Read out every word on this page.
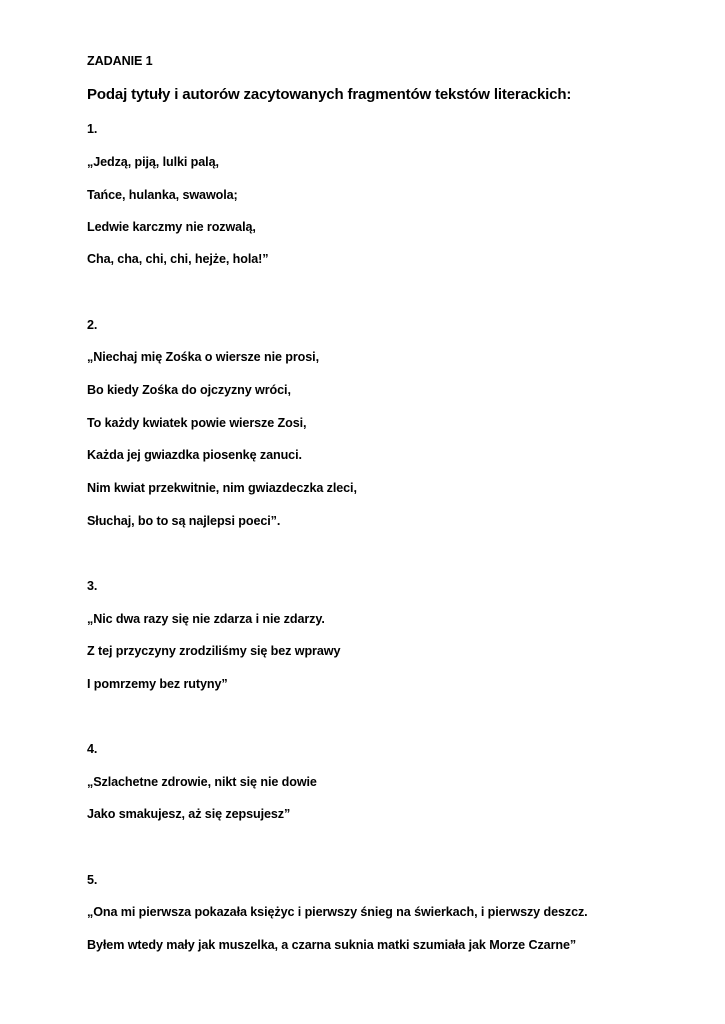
ZADANIE 1
Podaj tytuły i autorów zacytowanych fragmentów tekstów literackich:
1.
„Jedzą, piją, lulki palą,
Tańce, hulanka, swawola;
Ledwie karczmy nie rozwalą,
Cha, cha, chi, chi, hejże, hola!”
2.
„Niechaj mię Zośka o wiersze nie prosi,
Bo kiedy Zośka do ojczyzny wróci,
To każdy kwiatek powie wiersze Zosi,
Każda jej gwiazdka piosenkę zanuci.
Nim kwiat przekwitnie, nim gwiazdeczka zleci,
Słuchaj, bo to są najlepsi poeci”.
3.
„Nic dwa razy się nie zdarza i nie zdarzy.
Z tej przyczyny zrodziliśmy się bez wprawy
I pomrzemy bez rutyny”
4.
„Szlachetne zdrowie, nikt się nie dowie
Jako smakujesz, aż się zepsujesz”
5.
„Ona mi pierwsza pokazała księżyc i pierwszy śnieg na świerkach, i pierwszy deszcz.
Byłem wtedy mały jak muszelka, a czarna suknia matki szumiała jak Morze Czarne”
